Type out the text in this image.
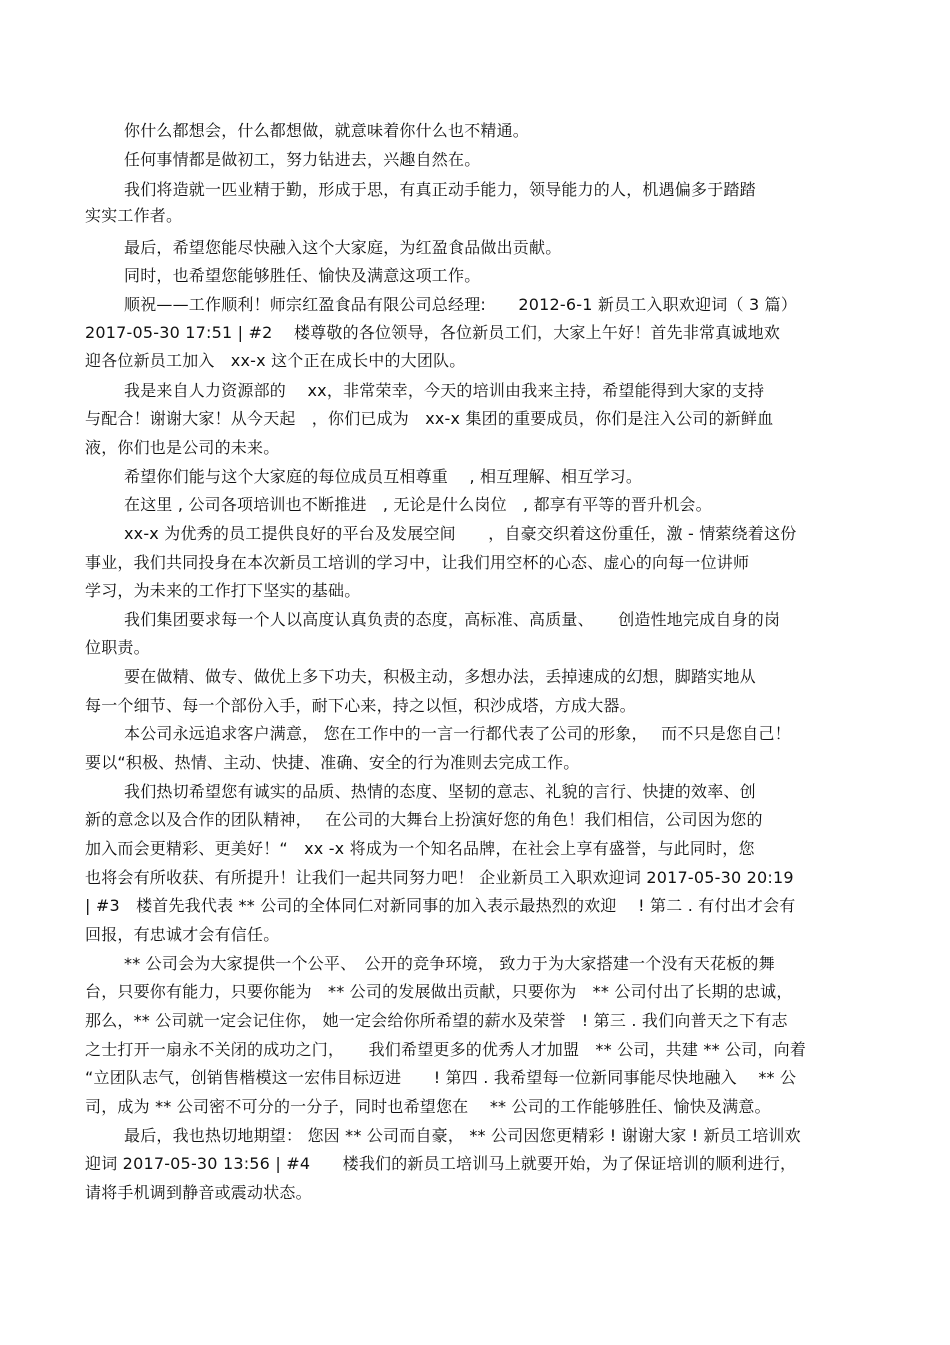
你什么都想会，什么都想做，就意味着你什么也不精通。
任何事情都是做初工，努力钻进去，兴趣自然在。
我们将造就一匹业精于勤，形成于思，有真正动手能力，领导能力的人，机遇偏多于踏踏
实实工作者。
最后，希望您能尽快融入这个大家庭，为红盈食品做出贡献。
同时，也希望您能够胜任、愉快及满意这项工作。
顺祝——工作顺利！师宗红盈食品有限公司总经理:　　2012-6-1 新员工入职欢迎词（ 3 篇）
2017-05-30 17:51 | #2　 楼尊敬的各位领导，各位新员工们，大家上午好！首先非常真诚地欢
迎各位新员工加入　xx-x 这个正在成长中的大团队。
我是来自人力资源部的　 xx，非常荣幸，今天的培训由我来主持，希望能得到大家的支持
与配合！谢谢大家！从今天起　，你们已成为　xx-x 集团的重要成员，你们是注入公司的新鲜血
液，你们也是公司的未来。
希望你们能与这个大家庭的每位成员互相尊重　 , 相互理解、相互学习。
在这里 , 公司各项培训也不断推进　, 无论是什么岗位　, 都享有平等的晋升机会。
xx-x 为优秀的员工提供良好的平台及发展空间　　，自豪交织着这份重任，激 - 情萦绕着这份
事业，我们共同投身在本次新员工培训的学习中，让我们用空杯的心态、虚心的向每一位讲师
学习，为未来的工作打下坚实的基础。
我们集团要求每一个人以高度认真负责的态度，高标准、高质量、　　创造性地完成自身的岗
位职责。
要在做精、做专、做优上多下功夫，积极主动，多想办法，丢掉速成的幻想，脚踏实地从
每一个细节、每一个部份入手，耐下心来，持之以恒，积沙成塔，方成大器。
本公司永远追求客户满意， 您在工作中的一言一行都代表了公司的形象，　 而不只是您自己！
要以“积极、热情、主动、快捷、准确、安全的行为准则去完成工作。
我们热切希望您有诚实的品质、热情的态度、坚韧的意志、礼貌的言行、快捷的效率、创
新的意念以及合作的团队精神，　 在公司的大舞台上扮演好您的角色！我们相信，公司因为您的
加入而会更精彩、更美好！“　xx -x 将成为一个知名品牌，在社会上享有盛誉，与此同时，您
也将会有所收获、有所提升！让我们一起共同努力吧！ 企业新员工入职欢迎词 2017-05-30 20:19
| #3　楼首先我代表 ** 公司的全体同仁对新同事的加入表示最热烈的欢迎　 ! 第二 . 有付出才会有
回报，有忠诚才会有信任。
** 公司会为大家提供一个公平、　公开的竞争环境， 致力于为大家搭建一个没有天花板的舞
台，只要你有能力，只要你能为　** 公司的发展做出贡献，只要你为　** 公司付出了长期的忠诚，
那么，** 公司就一定会记住你， 她一定会给你所希望的薪水及荣誉　! 第三 . 我们向普天之下有志
之士打开一扇永不关闭的成功之门，　　我们希望更多的优秀人才加盟　** 公司，共建 ** 公司，向着
“立团队志气，创销售楷模这一宏伟目标迈进　　! 第四 . 我希望每一位新同事能尽快地融入　 ** 公
司，成为 ** 公司密不可分的一分子，同时也希望您在　 ** 公司的工作能够胜任、愉快及满意。
最后，我也热切地期望： 您因 ** 公司而自豪， ** 公司因您更精彩 ! 谢谢大家 ! 新员工培训欢
迎词 2017-05-30 13:56 | #4　　楼我们的新员工培训马上就要开始，为了保证培训的顺利进行，
请将手机调到静音或震动状态。
